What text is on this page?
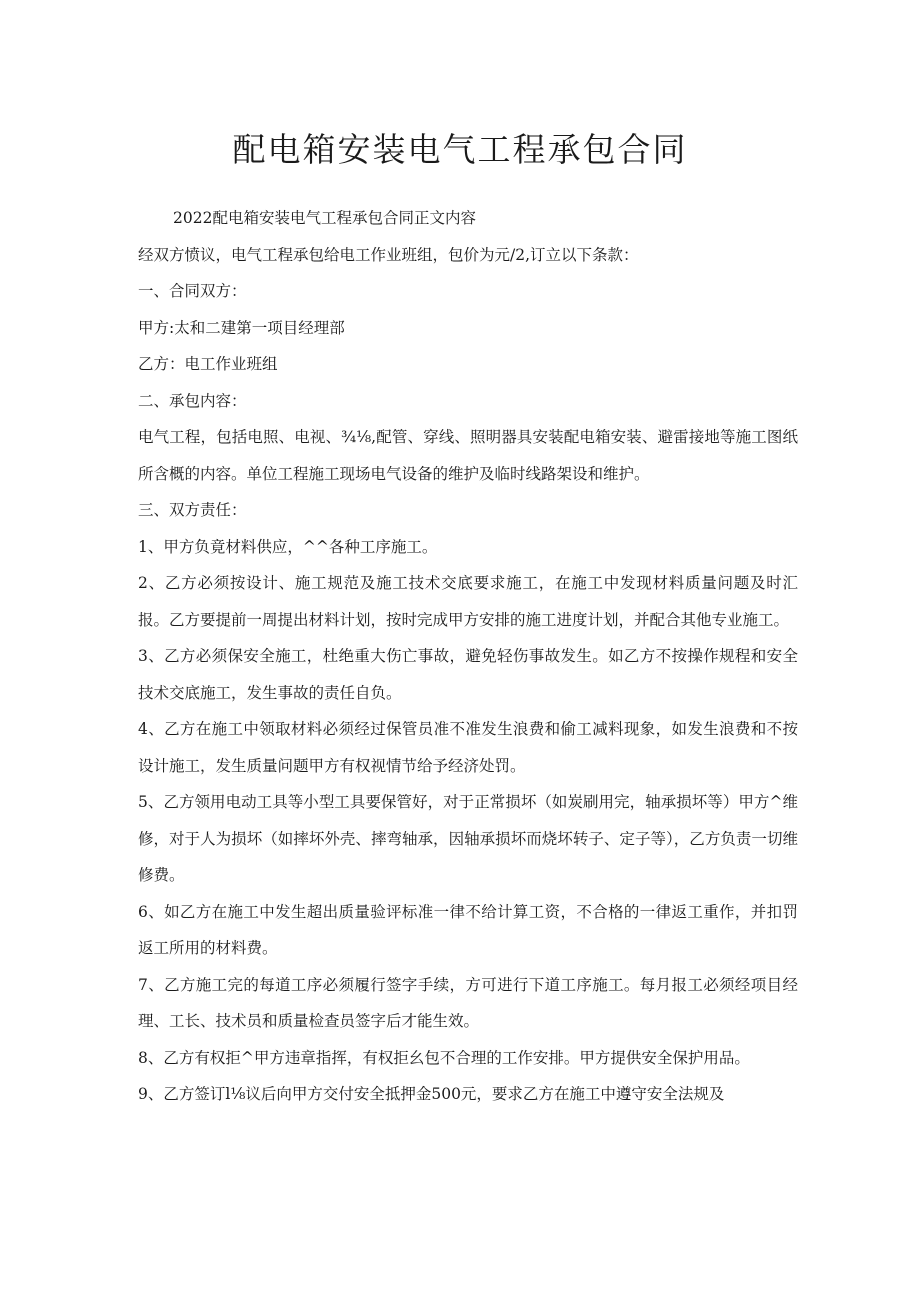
配电箱安装电气工程承包合同

2022配电箱安装电气工程承包合同正文内容

经双方愤议，电气工程承包给电工作业班组，包价为元/2,订立以下条款：

一、合同双方：

甲方:太和二建第一项目经理部

乙方：电工作业班组

二、承包内容：

电气工程，包括电照、电视、¾⅛,配管、穿线、照明器具安装配电箱安装、避雷接地等施工图纸所含概的内容。单位工程施工现场电气设备的维护及临时线路架设和维护。

三、双方责任：

1、甲方负竟材料供应，^^各种工序施工。

2、乙方必须按设计、施工规范及施工技术交底要求施工，在施工中发现材料质量问题及时汇报。乙方要提前一周提出材料计划，按时完成甲方安排的施工进度计划，并配合其他专业施工。

3、乙方必须保安全施工，杜绝重大伤亡事故，避免轻伤事故发生。如乙方不按操作规程和安全技术交底施工，发生事故的责任自负。

4、乙方在施工中领取材料必须经过保管员准不准发生浪费和偷工减料现象，如发生浪费和不按设计施工，发生质量问题甲方有权视情节给予经济处罚。

5、乙方领用电动工具等小型工具要保管好，对于正常损坏（如炭刷用完，轴承损坏等）甲方^维修，对于人为损坏（如摔坏外壳、摔弯轴承，因轴承损坏而烧坏转子、定子等），乙方负责一切维修费。

6、如乙方在施工中发生超出质量验评标准一律不给计算工资，不合格的一律返工重作，并扣罚返工所用的材料费。

7、乙方施工完的每道工序必须履行签字手续，方可进行下道工序施工。每月报工必须经项目经理、工长、技术员和质量检查员签字后才能生效。

8、乙方有权拒^甲方违章指挥，有权拒幺包不合理的工作安排。甲方提供安全保护用品。

9、乙方签订l⅛议后向甲方交付安全抵押金500元，要求乙方在施工中遵守安全法规及
